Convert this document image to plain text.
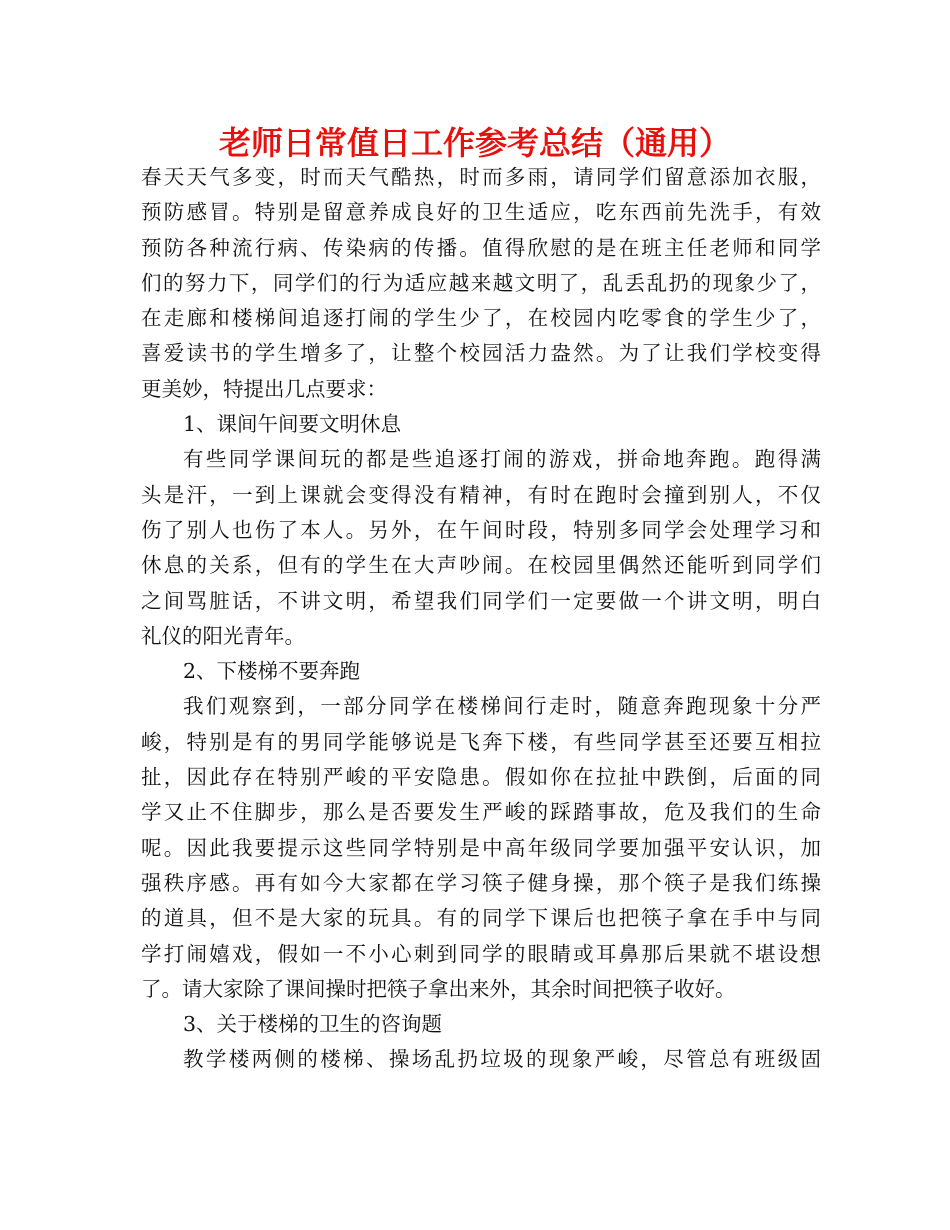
老师日常值日工作参考总结（通用）
春天天气多变，时而天气酷热，时而多雨，请同学们留意添加衣服，
预防感冒。特别是留意养成良好的卫生适应，吃东西前先洗手，有效
预防各种流行病、传染病的传播。值得欣慰的是在班主任老师和同学
们的努力下，同学们的行为适应越来越文明了，乱丢乱扔的现象少了，
在走廊和楼梯间追逐打闹的学生少了，在校园内吃零食的学生少了，
喜爱读书的学生增多了，让整个校园活力盎然。为了让我们学校变得
更美妙，特提出几点要求：
1、课间午间要文明休息
有些同学课间玩的都是些追逐打闹的游戏，拼命地奔跑。跑得满
头是汗，一到上课就会变得没有精神，有时在跑时会撞到别人，不仅
伤了别人也伤了本人。另外，在午间时段，特别多同学会处理学习和
休息的关系，但有的学生在大声吵闹。在校园里偶然还能听到同学们
之间骂脏话，不讲文明，希望我们同学们一定要做一个讲文明，明白
礼仪的阳光青年。
2、下楼梯不要奔跑
我们观察到，一部分同学在楼梯间行走时，随意奔跑现象十分严
峻，特别是有的男同学能够说是飞奔下楼，有些同学甚至还要互相拉
扯，因此存在特别严峻的平安隐患。假如你在拉扯中跌倒，后面的同
学又止不住脚步，那么是否要发生严峻的踩踏事故，危及我们的生命
呢。因此我要提示这些同学特别是中高年级同学要加强平安认识，加
强秩序感。再有如今大家都在学习筷子健身操，那个筷子是我们练操
的道具，但不是大家的玩具。有的同学下课后也把筷子拿在手中与同
学打闹嬉戏，假如一不小心刺到同学的眼睛或耳鼻那后果就不堪设想
了。请大家除了课间操时把筷子拿出来外，其余时间把筷子收好。
3、关于楼梯的卫生的咨询题
教学楼两侧的楼梯、操场乱扔垃圾的现象严峻，尽管总有班级固
